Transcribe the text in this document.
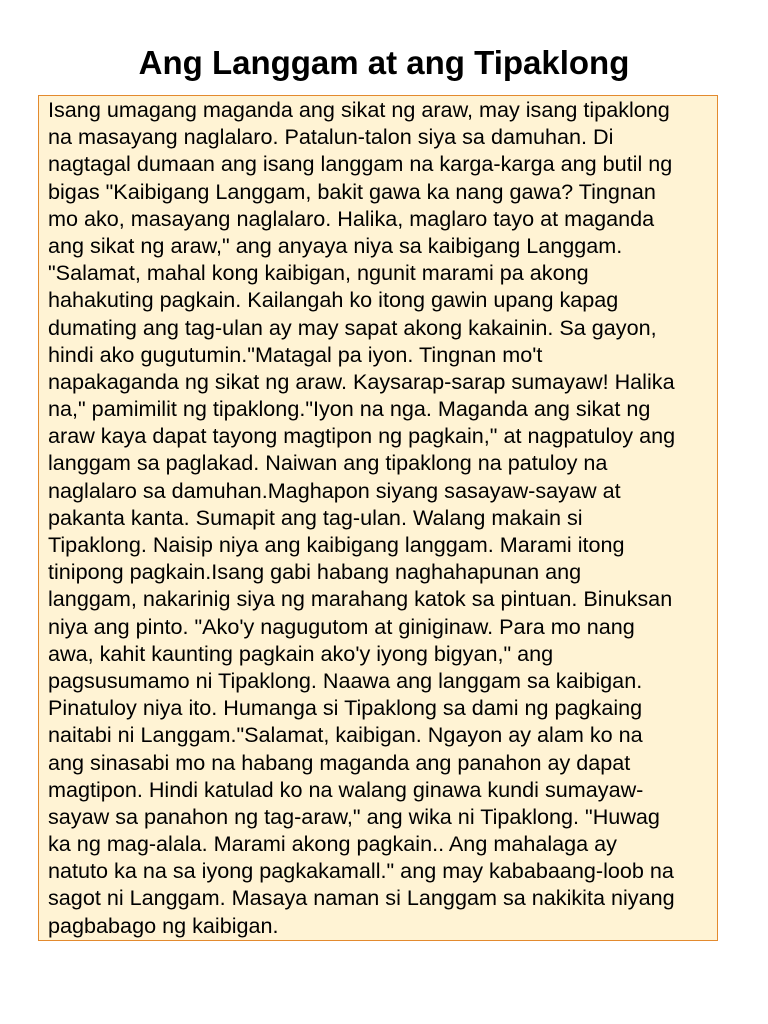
Ang Langgam at ang Tipaklong
Isang umagang maganda ang sikat ng araw, may isang tipaklong
na masayang naglalaro. Patalun-talon siya sa damuhan. Di
nagtagal dumaan ang isang langgam na karga-karga ang butil ng
bigas "Kaibigang Langgam, bakit gawa ka nang gawa? Tingnan
mo ako, masayang naglalaro. Halika, maglaro tayo at maganda
ang sikat ng araw," ang anyaya niya sa kaibigang Langgam.
"Salamat, mahal kong kaibigan, ngunit marami pa akong
hahakuting pagkain. Kailangah ko itong gawin upang kapag
dumating ang tag-ulan ay may sapat akong kakainin. Sa gayon,
hindi ako gugutumin."Matagal pa iyon. Tingnan mo't
napakaganda ng sikat ng araw. Kaysarap-sarap sumayaw! Halika
na," pamimilit ng tipaklong."Iyon na nga. Maganda ang sikat ng
araw kaya dapat tayong magtipon ng pagkain," at nagpatuloy ang
langgam sa paglakad. Naiwan ang tipaklong na patuloy na
naglalaro sa damuhan.Maghapon siyang sasayaw-sayaw at
pakanta kanta. Sumapit ang tag-ulan. Walang makain si
Tipaklong. Naisip niya ang kaibigang langgam. Marami itong
tinipong pagkain.Isang gabi habang naghahapunan ang
langgam, nakarinig siya ng marahang katok sa pintuan. Binuksan
niya ang pinto. "Ako'y nagugutom at giniginaw. Para mo nang
awa, kahit kaunting pagkain ako'y iyong bigyan," ang
pagsusumamo ni Tipaklong. Naawa ang langgam sa kaibigan.
Pinatuloy niya ito. Humanga si Tipaklong sa dami ng pagkaing
naitabi ni Langgam."Salamat, kaibigan. Ngayon ay alam ko na
ang sinasabi mo na habang maganda ang panahon ay dapat
magtipon. Hindi katulad ko na walang ginawa kundi sumayaw-
sayaw sa panahon ng tag-araw," ang wika ni Tipaklong. "Huwag
ka ng mag-alala. Marami akong pagkain.. Ang mahalaga ay
natuto ka na sa iyong pagkakamall." ang may kababaang-loob na
sagot ni Langgam. Masaya naman si Langgam sa nakikita niyang
pagbabago ng kaibigan.
